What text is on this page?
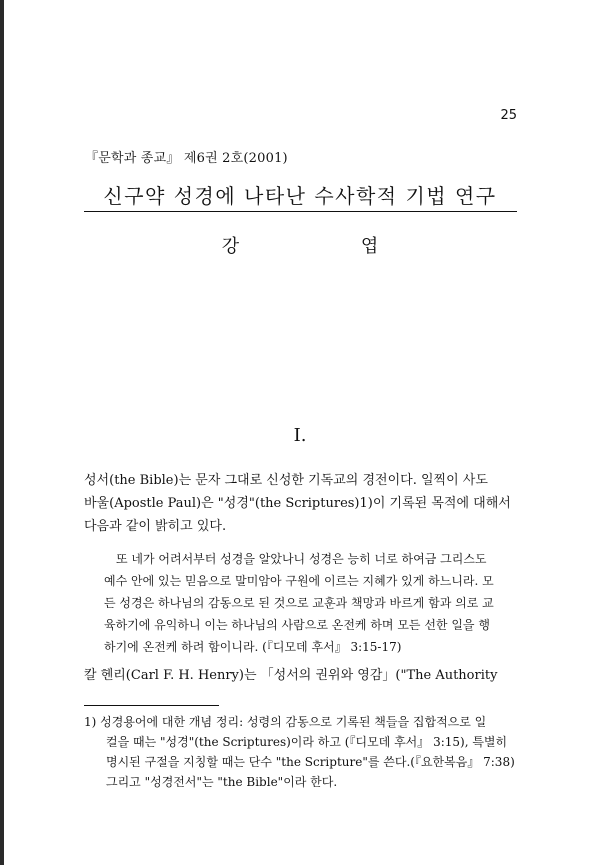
25
『문학과 종교』 제6권 2호(2001)
신구약 성경에 나타난 수사학적 기법 연구
강 엽
I.
성서(the Bible)는 문자 그대로 신성한 기독교의 경전이다. 일찍이 사도
바울(Apostle Paul)은 "성경"(the Scriptures)1)이 기록된 목적에 대해서
다음과 같이 밝히고 있다.
또 네가 어려서부터 성경을 알았나니 성경은 능히 너로 하여금 그리스도
예수 안에 있는 믿음으로 말미암아 구원에 이르는 지혜가 있게 하느니라. 모
든 성경은 하나님의 감동으로 된 것으로 교훈과 책망과 바르게 함과 의로 교
육하기에 유익하니 이는 하나님의 사람으로 온전케 하며 모든 선한 일을 행
하기에 온전케 하려 함이니라. (『디모데 후서』 3:15-17)
칼 헨리(Carl F. H. Henry)는 「성서의 권위와 영감」("The Authority
1) 성경용어에 대한 개념 정리: 성령의 감동으로 기록된 책들을 집합적으로 일
컬을 때는 "성경"(the Scriptures)이라 하고 (『디모데 후서』 3:15), 특별히
명시된 구절을 지칭할 때는 단수 "the Scripture"를 쓴다.(『요한복음』 7:38)
그리고 "성경전서"는 "the Bible"이라 한다.
